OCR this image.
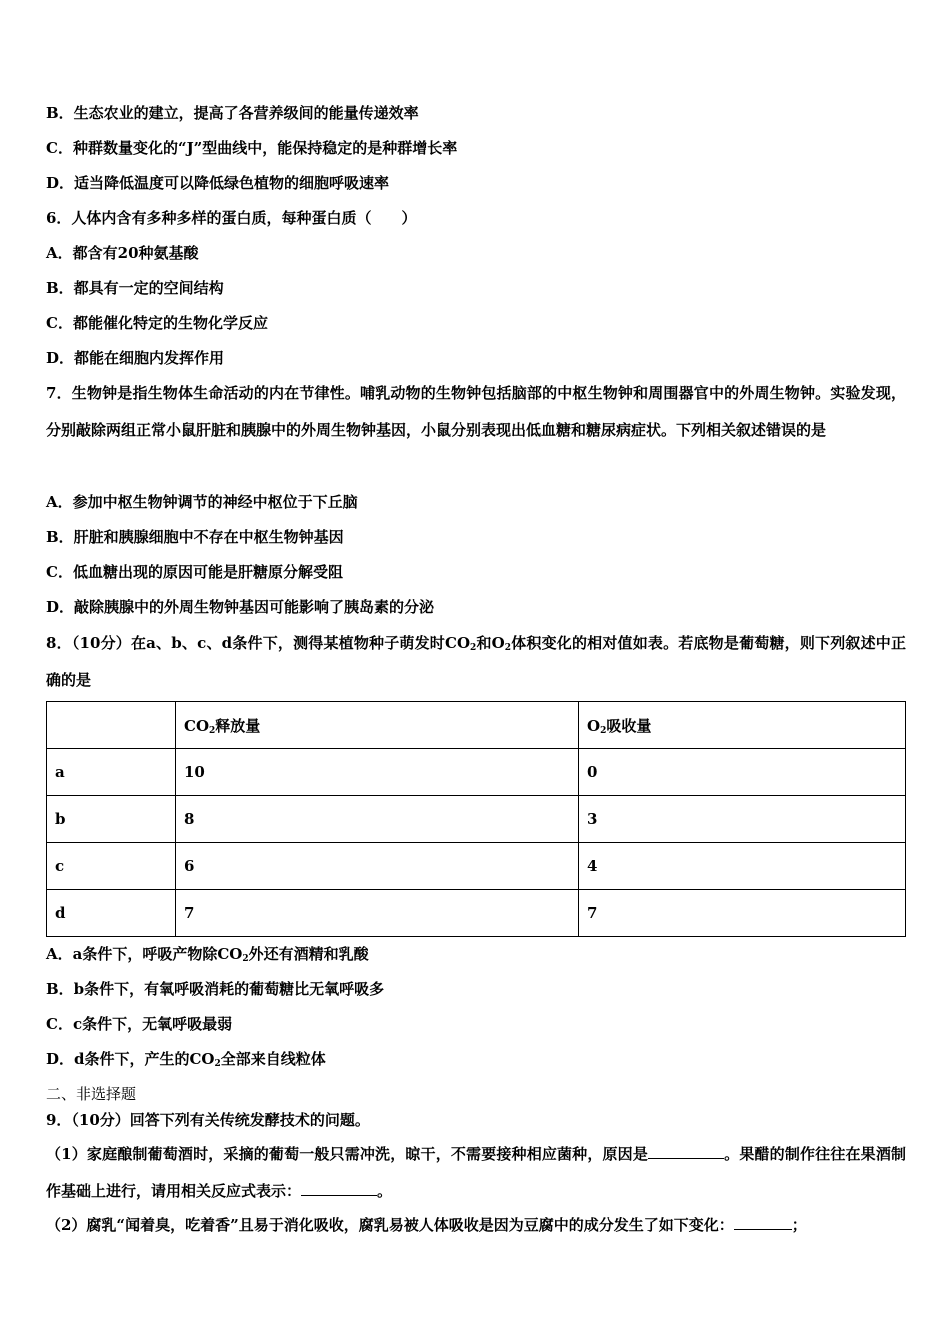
B．生态农业的建立，提高了各营养级间的能量传递效率
C．种群数量变化的“J”型曲线中，能保持稳定的是种群增长率
D．适当降低温度可以降低绿色植物的细胞呼吸速率
6．人体内含有多种多样的蛋白质，每种蛋白质（　　）
A．都含有20种氨基酸
B．都具有一定的空间结构
C．都能催化特定的生物化学反应
D．都能在细胞内发挥作用
7．生物钟是指生物体生命活动的内在节律性。哺乳动物的生物钟包括脑部的中枢生物钟和周围器官中的外周生物钟。实验发现，分别敲除两组正常小鼠肝脏和胰腺中的外周生物钟基因，小鼠分别表现出低血糖和糖尿病症状。下列相关叙述错误的是
A．参加中枢生物钟调节的神经中枢位于下丘脑
B．肝脏和胰腺细胞中不存在中枢生物钟基因
C．低血糖出现的原因可能是肝糖原分解受阻
D．敲除胰腺中的外周生物钟基因可能影响了胰岛素的分泌
8．（10分）在a、b、c、d条件下，测得某植物种子萌发时$CO_2$和$O_2$体积变化的相对值如表。若底物是葡萄糖，则下列叙述中正确的是
	$CO_2$释放量	$O_2$吸收量
a	10	0
b	8	3
c	6	4
d	7	7
A．a条件下，呼吸产物除$CO_2$外还有酒精和乳酸
B．b条件下，有氧呼吸消耗的葡萄糖比无氧呼吸多
C．c条件下，无氧呼吸最弱
D．d条件下，产生的$CO_2$全部来自线粒体
二、非选择题
9．（10分）回答下列有关传统发酵技术的问题。
（1）家庭酿制葡萄酒时，采摘的葡萄一般只需冲洗，晾干，不需要接种相应菌种，原因是	。果醋的制作往往在果酒制作基础上进行，请用相关反应式表示：	。
（2）腐乳“闻着臭，吃着香”且易于消化吸收，腐乳易被人体吸收是因为豆腐中的成分发生了如下变化：	；
